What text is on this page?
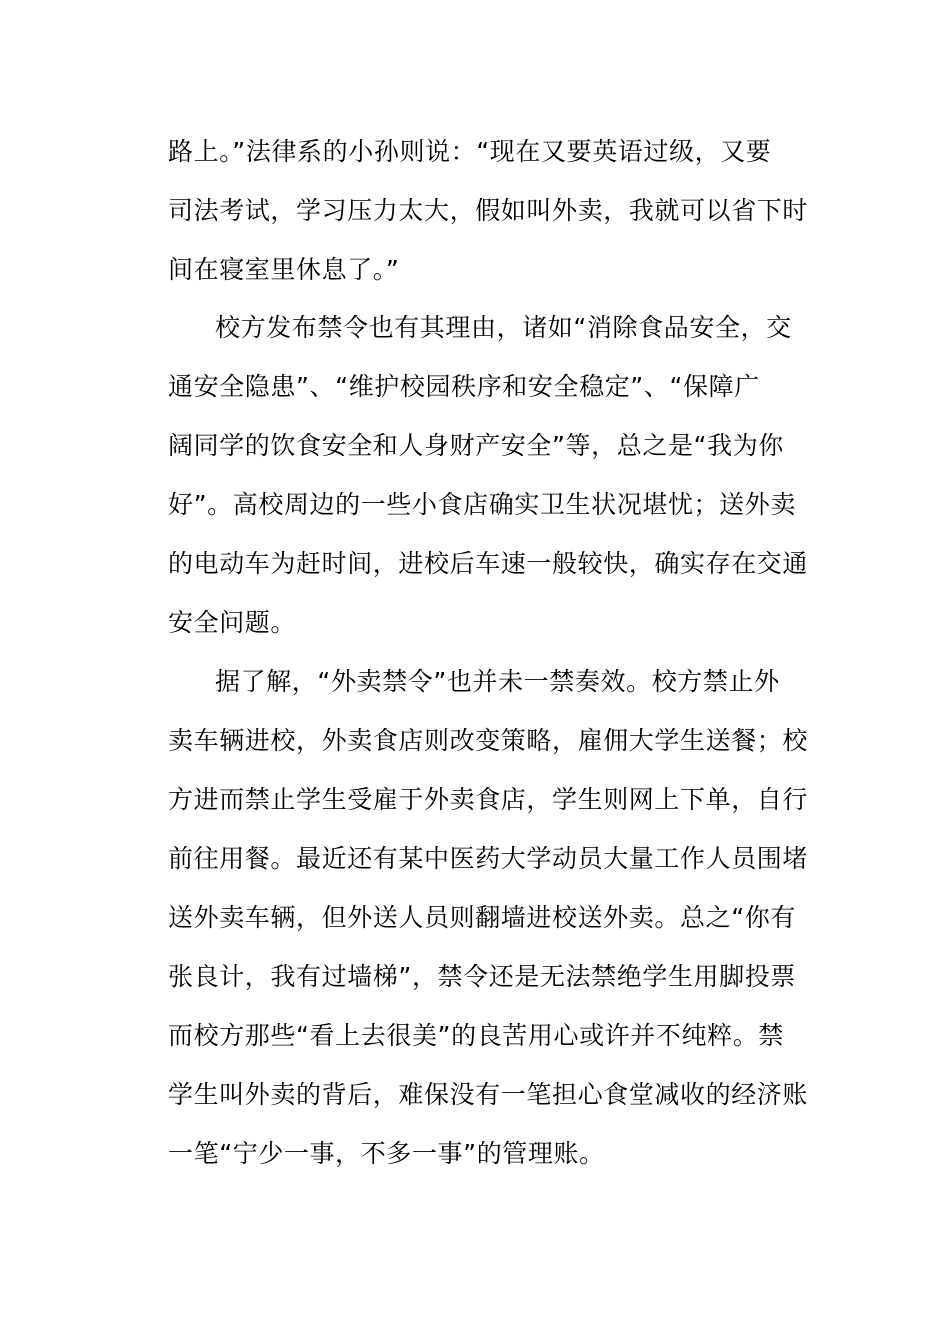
路上。”法律系的小孙则说：“现在又要英语过级，又要
司法考试，学习压力太大，假如叫外卖，我就可以省下时
间在寝室里休息了。”
校方发布禁令也有其理由，诸如“消除食品安全，交
通安全隐患”、“维护校园秩序和安全稳定”、“保障广
阔同学的饮食安全和人身财产安全”等，总之是“我为你
好”。高校周边的一些小食店确实卫生状况堪忧；送外卖
的电动车为赶时间，进校后车速一般较快，确实存在交通
安全问题。
据了解，“外卖禁令”也并未一禁奏效。校方禁止外
卖车辆进校，外卖食店则改变策略，雇佣大学生送餐；校
方进而禁止学生受雇于外卖食店，学生则网上下单，自行
前往用餐。最近还有某中医药大学动员大量工作人员围堵
送外卖车辆，但外送人员则翻墙进校送外卖。总之“你有
张良计，我有过墙梯”，禁令还是无法禁绝学生用脚投票
而校方那些“看上去很美”的良苦用心或许并不纯粹。禁
学生叫外卖的背后，难保没有一笔担心食堂减收的经济账
一笔“宁少一事，不多一事”的管理账。
